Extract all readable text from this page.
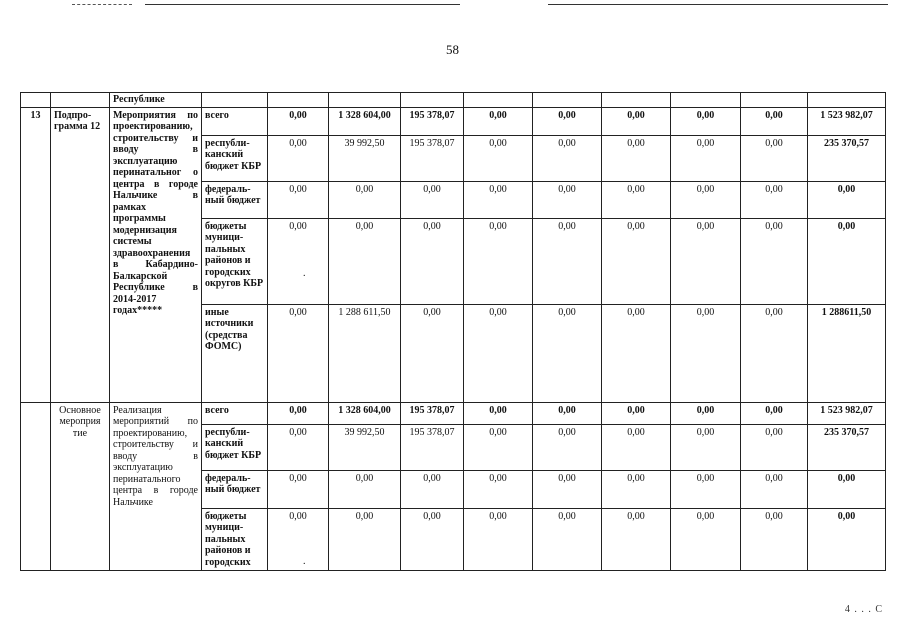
58
		Республике										
13	Подпрограмма 12	Мероприятия по проектированию, строительству и вводу в эксплуатацию перинатальног о центра в городе Нальчике в рамках программы модернизация системы здравоохранения в Кабардино-Балкарской Республике в 2014-2017 годах*****	всего	0,00	1 328 604,00	195 378,07	0,00	0,00	0,00	0,00	0,00	1 523 982,07
			республиканский бюджет КБР	0,00	39 992,50	195 378,07	0,00	0,00	0,00	0,00	0,00	235 370,57
			федеральный бюджет	0,00	0,00	0,00	0,00	0,00	0,00	0,00	0,00	0,00
			бюджеты муниципальных районов и городских округов КБР	0,00	0,00	0,00	0,00	0,00	0,00	0,00	0,00	0,00
			иные источники (средства ФОМС)	0,00	1 288 611,50	0,00	0,00	0,00	0,00	0,00	0,00	1 288611,50
	Основное мероприя тие	Реализация мероприятий по проектированию, строительству и вводу в эксплуатацию перинатального центра в городе Нальчике	всего	0,00	1 328 604,00	195 378,07	0,00	0,00	0,00	0,00	0,00	1 523 982,07
			республиканский бюджет КБР	0,00	39 992,50	195 378,07	0,00	0,00	0,00	0,00	0,00	235 370,57
			федеральный бюджет	0,00	0,00	0,00	0,00	0,00	0,00	0,00	0,00	0,00
			бюджеты муниципальных районов и городских	0,00	0,00	0,00	0,00	0,00	0,00	0,00	0,00	0,00
.
.
4 . . . C
